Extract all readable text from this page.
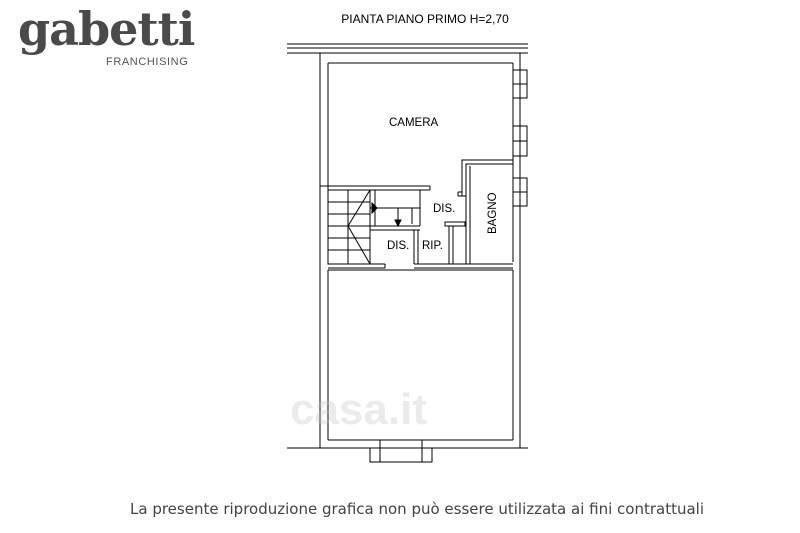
gabetti
FRANCHISING
PIANTA PIANO PRIMO H=2,70
casa.it
CAMERA
DIS.	BAGNO
DIS. RIP.
La presente riproduzione grafica non può essere utilizzata ai fini contrattuali
